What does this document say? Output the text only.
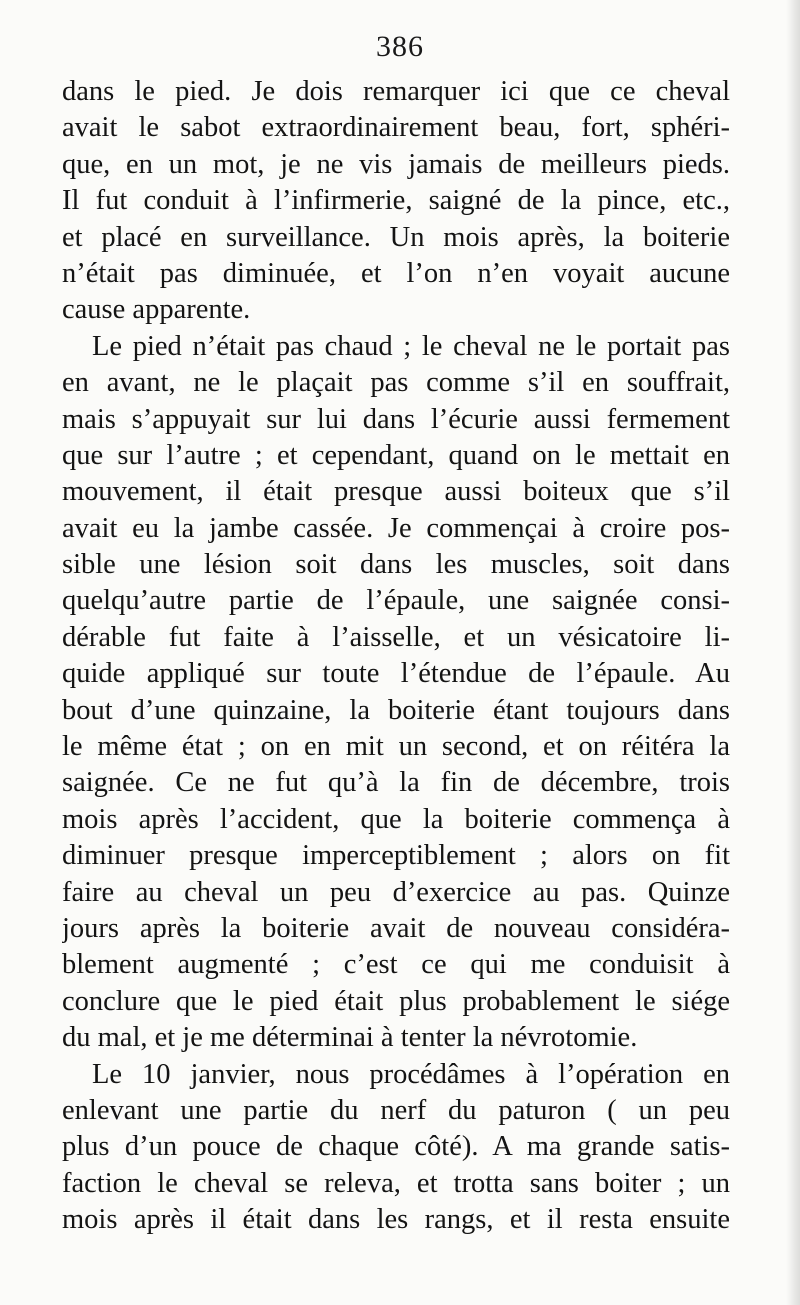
386
dans le pied. Je dois remarquer ici que ce cheval
avait le sabot extraordinairement beau, fort, sphéri-
que, en un mot, je ne vis jamais de meilleurs pieds.
Il fut conduit à l’infirmerie, saigné de la pince, etc.,
et placé en surveillance. Un mois après, la boiterie
n’était pas diminuée, et l’on n’en voyait aucune
cause apparente.
Le pied n’était pas chaud ; le cheval ne le portait pas
en avant, ne le plaçait pas comme s’il en souffrait,
mais s’appuyait sur lui dans l’écurie aussi fermement
que sur l’autre ; et cependant, quand on le mettait en
mouvement, il était presque aussi boiteux que s’il
avait eu la jambe cassée. Je commençai à croire pos-
sible une lésion soit dans les muscles, soit dans
quelqu’autre partie de l’épaule, une saignée consi-
dérable fut faite à l’aisselle, et un vésicatoire li-
quide appliqué sur toute l’étendue de l’épaule. Au
bout d’une quinzaine, la boiterie étant toujours dans
le même état ; on en mit un second, et on réitéra la
saignée. Ce ne fut qu’à la fin de décembre, trois
mois après l’accident, que la boiterie commença à
diminuer presque imperceptiblement ; alors on fit
faire au cheval un peu d’exercice au pas. Quinze
jours après la boiterie avait de nouveau considéra-
blement augmenté ; c’est ce qui me conduisit à
conclure que le pied était plus probablement le siége
du mal, et je me déterminai à tenter la névrotomie.
Le 10 janvier, nous procédâmes à l’opération en
enlevant une partie du nerf du paturon ( un peu
plus d’un pouce de chaque côté). A ma grande satis-
faction le cheval se releva, et trotta sans boiter ; un
mois après il était dans les rangs, et il resta ensuite
